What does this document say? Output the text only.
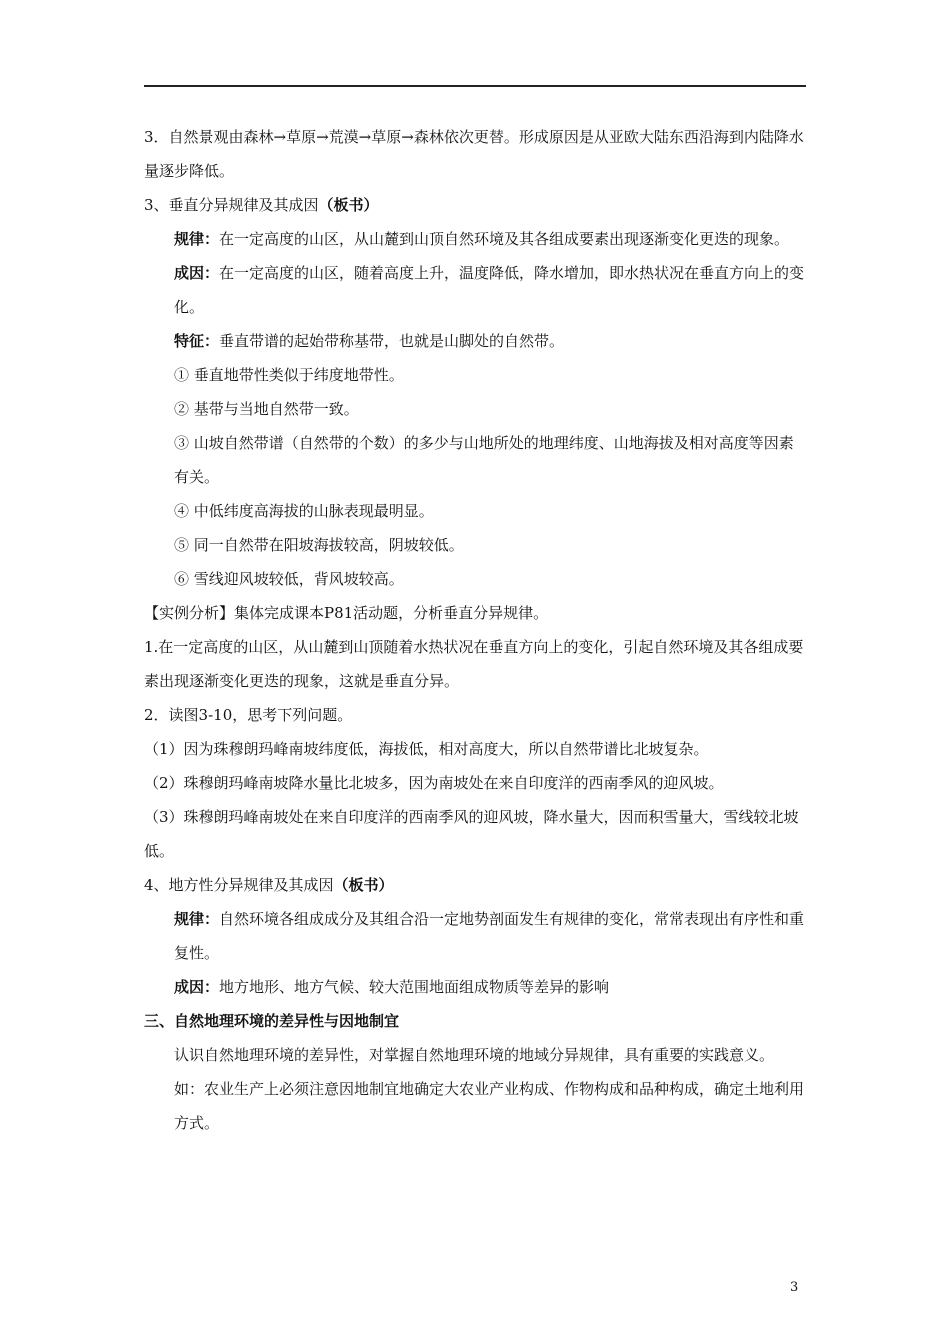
3．自然景观由森林→草原→荒漠→草原→森林依次更替。形成原因是从亚欧大陆东西沿海到内陆降水量逐步降低。

3、垂直分异规律及其成因（板书）

规律：在一定高度的山区，从山麓到山顶自然环境及其各组成要素出现逐渐变化更迭的现象。

成因：在一定高度的山区，随着高度上升，温度降低，降水增加，即水热状况在垂直方向上的变化。

特征：垂直带谱的起始带称基带，也就是山脚处的自然带。

① 垂直地带性类似于纬度地带性。

② 基带与当地自然带一致。

③ 山坡自然带谱（自然带的个数）的多少与山地所处的地理纬度、山地海拔及相对高度等因素有关。

④ 中低纬度高海拔的山脉表现最明显。

⑤ 同一自然带在阳坡海拔较高，阴坡较低。

⑥ 雪线迎风坡较低，背风坡较高。

【实例分析】集体完成课本P81活动题，分析垂直分异规律。

1.在一定高度的山区，从山麓到山顶随着水热状况在垂直方向上的变化，引起自然环境及其各组成要素出现逐渐变化更迭的现象，这就是垂直分异。

2．读图3-10，思考下列问题。

（1）因为珠穆朗玛峰南坡纬度低，海拔低，相对高度大，所以自然带谱比北坡复杂。

（2）珠穆朗玛峰南坡降水量比北坡多，因为南坡处在来自印度洋的西南季风的迎风坡。

（3）珠穆朗玛峰南坡处在来自印度洋的西南季风的迎风坡，降水量大，因而积雪量大，雪线较北坡低。

4、地方性分异规律及其成因（板书）

规律：自然环境各组成成分及其组合沿一定地势剖面发生有规律的变化，常常表现出有序性和重复性。

成因：地方地形、地方气候、较大范围地面组成物质等差异的影响

三、自然地理环境的差异性与因地制宜

认识自然地理环境的差异性，对掌握自然地理环境的地域分异规律，具有重要的实践意义。

如：农业生产上必须注意因地制宜地确定大农业产业构成、作物构成和品种构成，确定土地利用方式。

3
